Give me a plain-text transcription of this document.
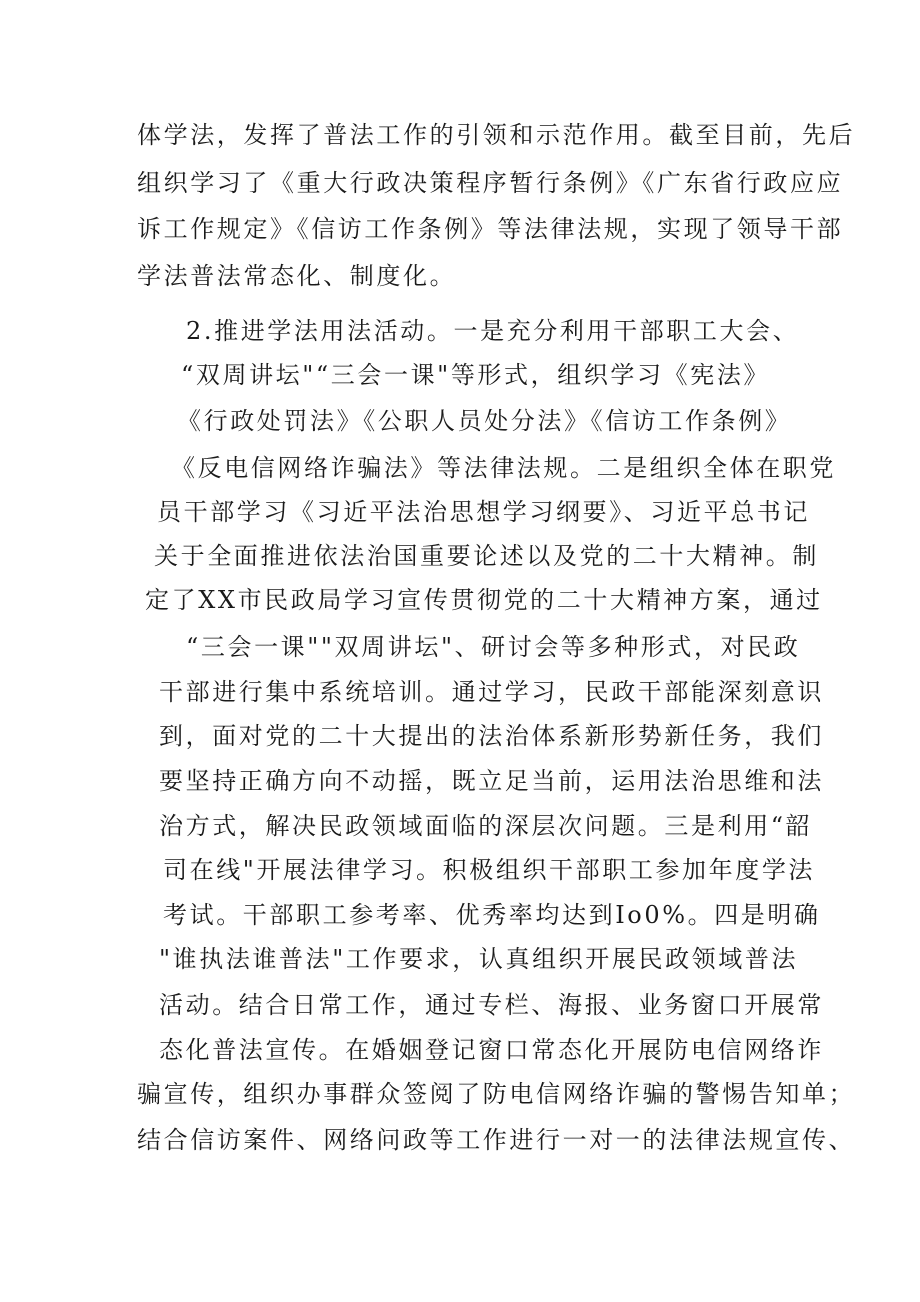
体学法，发挥了普法工作的引领和示范作用。截至目前，先后
组织学习了《重大行政决策程序暂行条例》《广东省行政应应
诉工作规定》《信访工作条例》等法律法规，实现了领导干部
学法普法常态化、制度化。
2.推进学法用法活动。一是充分利用干部职工大会、
“双周讲坛"“三会一课"等形式，组织学习《宪法》
《行政处罚法》《公职人员处分法》《信访工作条例》
《反电信网络诈骗法》等法律法规。二是组织全体在职党
员干部学习《习近平法治思想学习纲要》、习近平总书记
关于全面推进依法治国重要论述以及党的二十大精神。制
定了XX市民政局学习宣传贯彻党的二十大精神方案，通过
“三会一课""双周讲坛"、研讨会等多种形式，对民政
干部进行集中系统培训。通过学习，民政干部能深刻意识
到，面对党的二十大提出的法治体系新形势新任务，我们
要坚持正确方向不动摇，既立足当前，运用法治思维和法
治方式，解决民政领域面临的深层次问题。三是利用“韶
司在线"开展法律学习。积极组织干部职工参加年度学法
考试。干部职工参考率、优秀率均达到Io0%。四是明确
"谁执法谁普法"工作要求，认真组织开展民政领域普法
活动。结合日常工作，通过专栏、海报、业务窗口开展常
态化普法宣传。在婚姻登记窗口常态化开展防电信网络诈
骗宣传，组织办事群众签阅了防电信网络诈骗的警惕告知单；
结合信访案件、网络问政等工作进行一对一的法律法规宣传、
